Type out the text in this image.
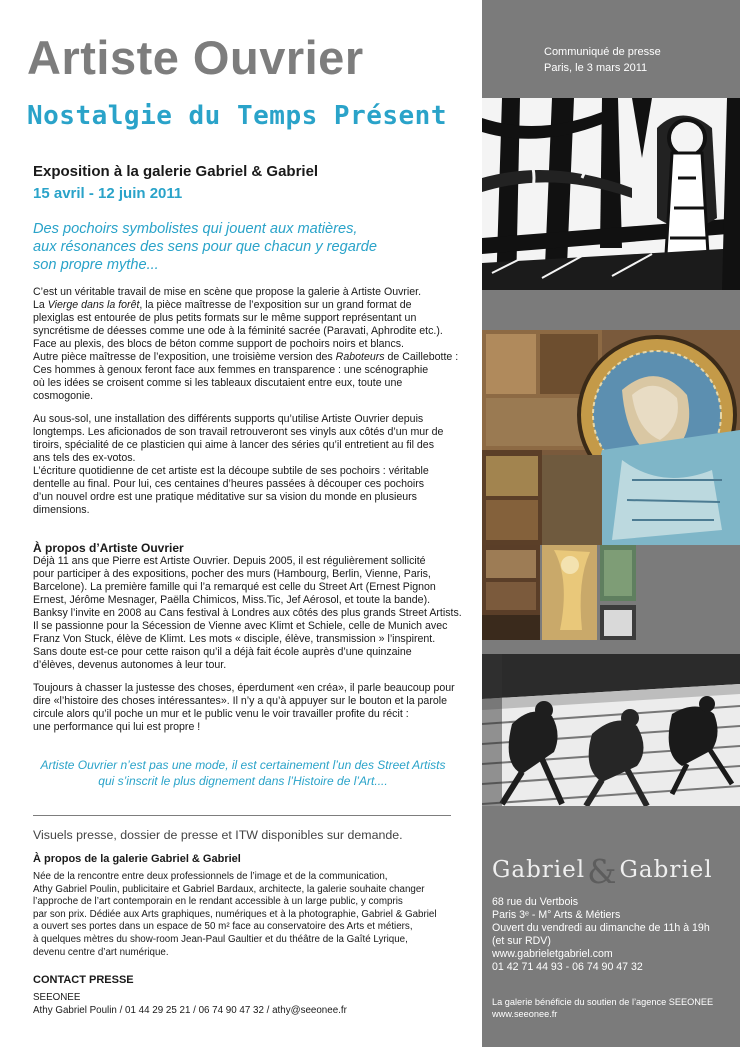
Artiste Ouvrier
Nostalgie du Temps Présent
Exposition à la galerie Gabriel & Gabriel
15 avril - 12 juin 2011
Des pochoirs symbolistes qui jouent aux matières,
aux résonances des sens pour que chacun y regarde
son propre mythe...
C’est un véritable travail de mise en scène que propose la galerie à Artiste Ouvrier.
La Vierge dans la forêt, la pièce maîtresse de l’exposition sur un grand format de
plexiglas est entourée de plus petits formats sur le même support représentant un
syncrétisme de déesses comme une ode à la féminité sacrée (Paravati, Aphrodite etc.).
Face au plexis, des blocs de béton comme support de pochoirs noirs et blancs.
Autre pièce maîtresse de l’exposition, une troisième version des Raboteurs de Caillebotte :
Ces hommes à genoux feront face aux femmes en transparence : une scénographie
où les idées se croisent comme si les tableaux discutaient entre eux, toute une
cosmogonie.
Au sous-sol, une installation des différents supports qu’utilise Artiste Ouvrier depuis
longtemps. Les aficionados de son travail retrouveront ses vinyls aux côtés d’un mur de
tiroirs, spécialité de ce plasticien qui aime à lancer des séries qu’il entretient au fil des
ans tels des ex-votos.
L’écriture quotidienne de cet artiste est la découpe subtile de ses pochoirs : véritable
dentelle au final. Pour lui, ces centaines d’heures passées à découper ces pochoirs
d’un nouvel ordre est une pratique méditative sur sa vision du monde en plusieurs
dimensions.
À propos d’Artiste Ouvrier
Déjà 11 ans que Pierre est Artiste Ouvrier. Depuis 2005, il est régulièrement sollicité
pour participer à des expositions, pocher des murs (Hambourg, Berlin, Vienne, Paris,
Barcelone). La première famille qui l’a remarqué est celle du Street Art (Ernest Pignon
Ernest, Jérôme Mesnager, Paëlla Chimicos, Miss.Tic, Jef Aérosol, et toute la bande).
Banksy l’invite en 2008 au Cans festival à Londres aux côtés des plus grands Street Artists.
Il se passionne pour la Sécession de Vienne avec Klimt et Schiele, celle de Munich avec
Franz Von Stuck, élève de Klimt. Les mots « disciple, élève, transmission » l’inspirent.
Sans doute est-ce pour cette raison qu’il a déjà fait école auprès d’une quinzaine
d’élèves, devenus autonomes à leur tour.
Toujours à chasser la justesse des choses, éperdument «en créa», il parle beaucoup pour
dire «l’histoire des choses intéressantes». Il n’y a qu’à appuyer sur le bouton et la parole
circule alors qu’il poche un mur et le public venu le voir travailler profite du récit :
une performance qui lui est propre !
Artiste Ouvrier n’est pas une mode, il est certainement l’un des Street Artists
qui s’inscrit le plus dignement dans l’Histoire de l’Art....
Visuels presse, dossier de presse et ITW disponibles sur demande.
À propos de la galerie Gabriel & Gabriel
Née de la rencontre entre deux professionnels de l’image et de la communication,
Athy Gabriel Poulin, publicitaire et Gabriel Bardaux, architecte, la galerie souhaite changer
l’approche de l’art contemporain en le rendant accessible à un large public, y compris
par son prix. Dédiée aux Arts graphiques, numériques et à la photographie, Gabriel & Gabriel
a ouvert ses portes dans un espace de 50 m² face au conservatoire des Arts et métiers,
à quelques mètres du show-room Jean-Paul Gaultier et du théâtre de la Gaîté Lyrique,
devenu centre d’art numérique.
CONTACT PRESSE
SEEONEE
Athy Gabriel Poulin / 01 44 29 25 21 / 06 74 90 47 32 / athy@seeonee.fr
Communiqué de presse
Paris, le 3 mars 2011
Gabriel&Gabriel
68 rue du Vertbois
Paris 3ᵉ - M° Arts & Métiers
Ouvert du vendredi au dimanche de 11h à 19h
(et sur RDV)
www.gabrieletgabriel.com
01 42 71 44 93 - 06 74 90 47 32
La galerie bénéficie du soutien de l’agence SEEONEE
www.seeonee.fr
